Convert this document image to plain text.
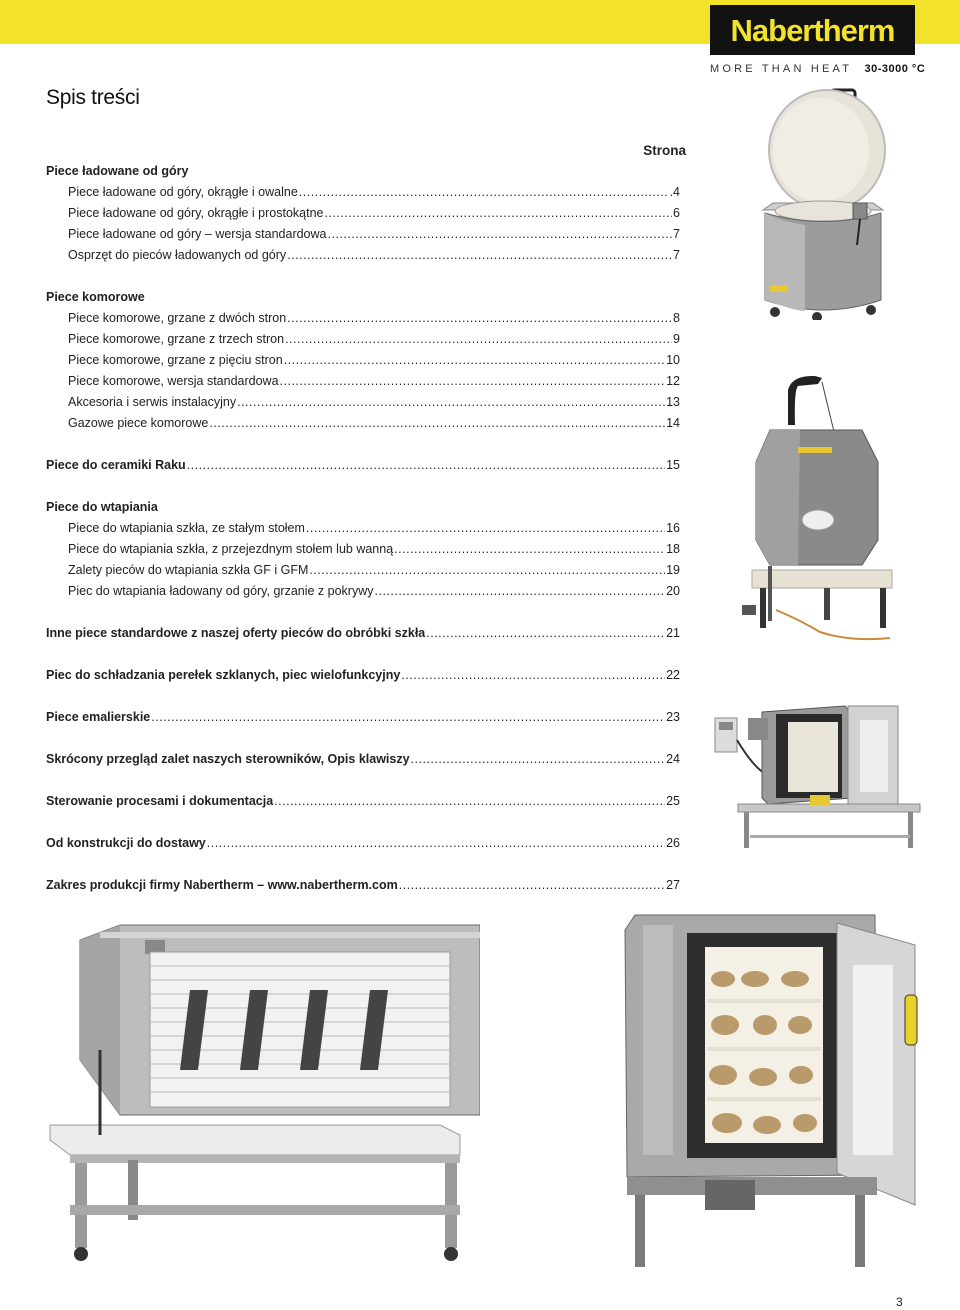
Nabertherm
MORE THAN HEAT 30-3000 °C
Spis treści
Strona
Piece ładowane od góry
Piece ładowane od góry, okrągłe i owalne .....	.4
Piece ładowane od góry, okrągłe i prostokątne .....	6
Piece ładowane od góry – wersja standardowa .....	7
Osprzęt do pieców ładowanych od góry .....	7
Piece komorowe
Piece komorowe, grzane z dwóch stron .....	8
Piece komorowe, grzane z trzech stron .....	9
Piece komorowe, grzane z pięciu stron .....	10
Piece komorowe, wersja standardowa .....	12
Akcesoria i serwis instalacyjny .....	13
Gazowe piece komorowe .....	14
Piece do ceramiki Raku .....	15
Piece do wtapiania
Piece do wtapiania szkła, ze stałym stołem .....	16
Piece do wtapiania szkła, z przejezdnym stołem lub wanną .....	18
Zalety pieców do wtapiania szkła GF i GFM .....	19
Piec do wtapiania ładowany od góry, grzanie z pokrywy .....	20
Inne piece standardowe z naszej oferty pieców do obróbki szkła .....	21
Piec do schładzania perełek szklanych, piec wielofunkcyjny .....	22
Piece emalierskie .....	23
Skrócony przegląd zalet naszych sterowników, Opis klawiszy .....	24
Sterowanie procesami i dokumentacja .....	25
Od konstrukcji do dostawy .....	26
Zakres produkcji firmy Nabertherm – www.nabertherm.com .....	27
3
